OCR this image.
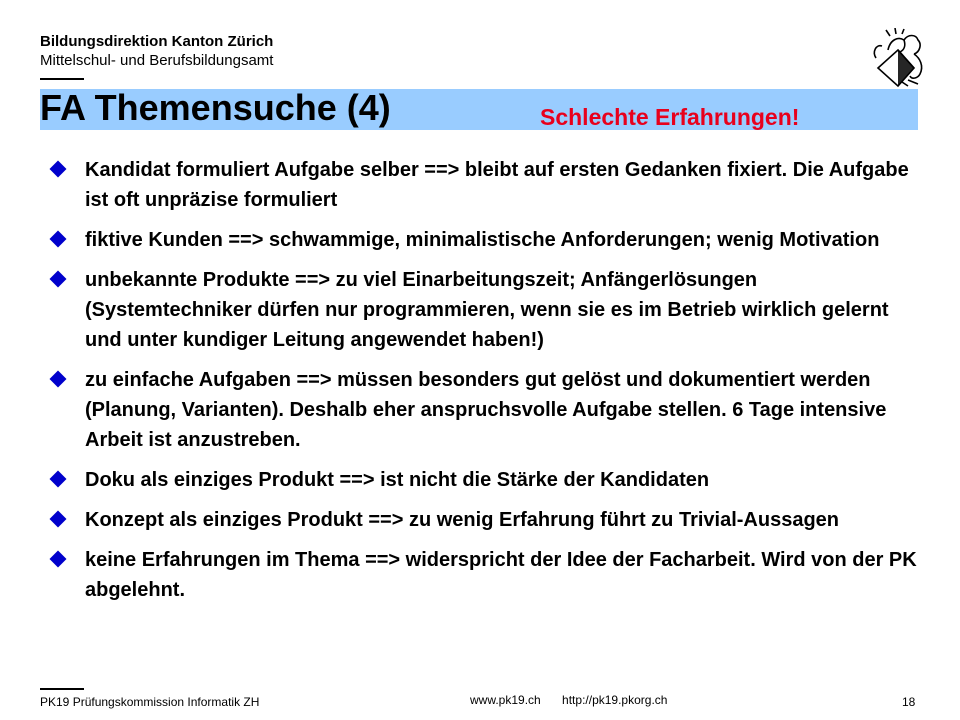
Bildungsdirektion Kanton Zürich
Mittelschul- und Berufsbildungsamt
FA Themensuche (4)	Schlechte Erfahrungen!
Kandidat formuliert Aufgabe selber ==> bleibt auf ersten Gedanken fixiert. Die Aufgabe ist oft unpräzise formuliert
fiktive Kunden ==> schwammige, minimalistische Anforderungen; wenig Motivation
unbekannte Produkte ==> zu viel Einarbeitungszeit; Anfängerlösungen (Systemtechniker dürfen nur programmieren, wenn sie es im Betrieb wirklich gelernt und unter kundiger Leitung angewendet haben!)
zu einfache Aufgaben ==> müssen besonders gut gelöst und dokumentiert werden (Planung, Varianten). Deshalb eher anspruchsvolle Aufgabe stellen. 6 Tage intensive Arbeit ist anzustreben.
Doku als einziges Produkt ==> ist nicht die Stärke der Kandidaten
Konzept als einziges Produkt ==> zu wenig Erfahrung führt zu Trivial-Aussagen
keine Erfahrungen im Thema ==> widerspricht der Idee der Facharbeit. Wird von der PK abgelehnt.
PK19 Prüfungskommission Informatik ZH	www.pk19.ch http://pk19.pkorg.ch	18
